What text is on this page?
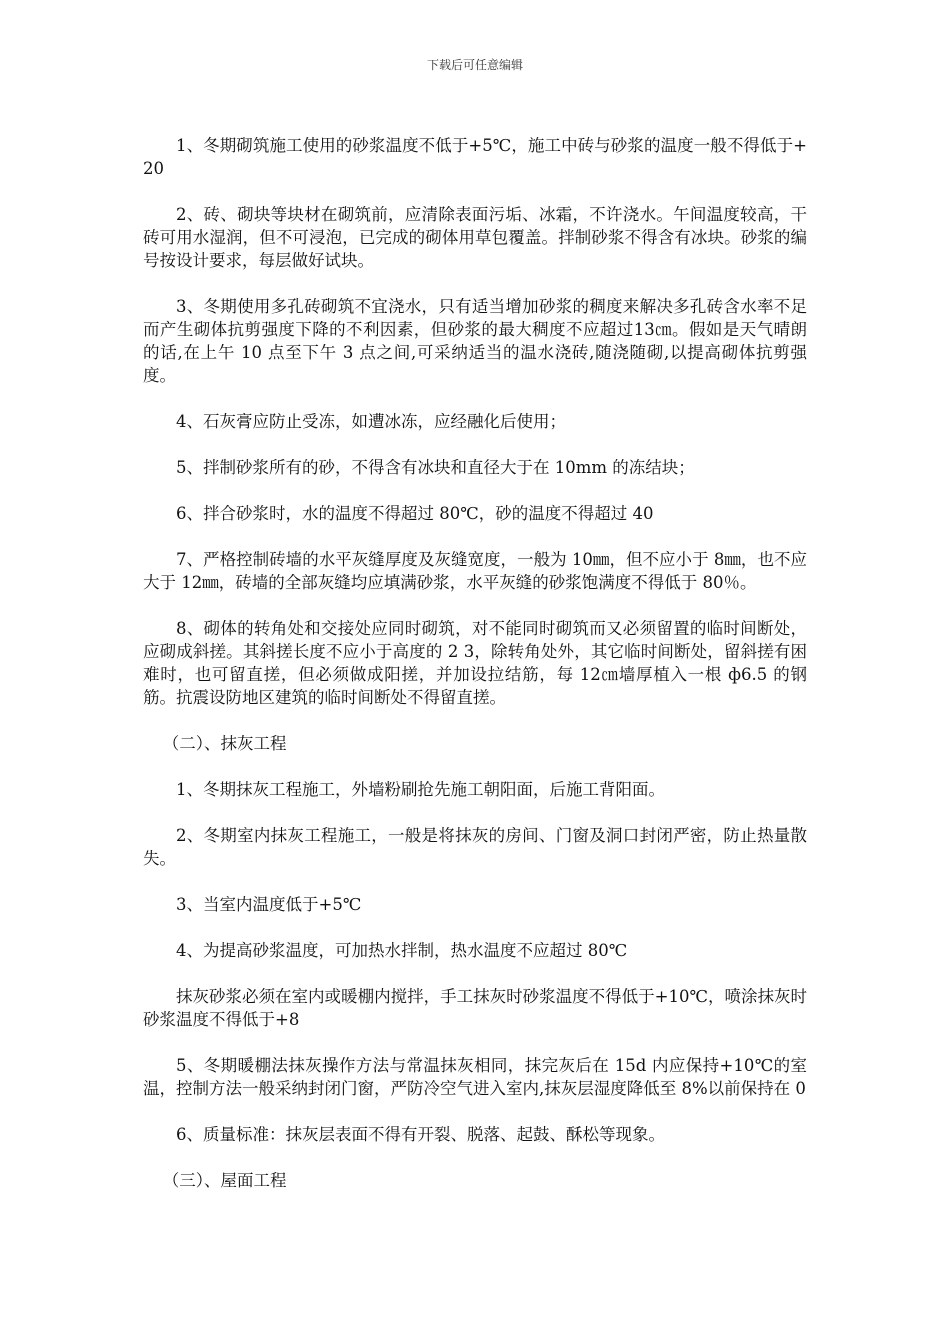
下载后可任意编辑

1、冬期砌筑施工使用的砂浆温度不低于+5℃，施工中砖与砂浆的温度一般不得低于+20

2、砖、砌块等块材在砌筑前，应清除表面污垢、冰霜，不许浇水。午间温度较高，干砖可用水湿润，但不可浸泡，已完成的砌体用草包覆盖。拌制砂浆不得含有冰块。砂浆的编号按设计要求，每层做好试块。

3、冬期使用多孔砖砌筑不宜浇水，只有适当增加砂浆的稠度来解决多孔砖含水率不足而产生砌体抗剪强度下降的不利因素，但砂浆的最大稠度不应超过13㎝。假如是天气晴朗的话,在上午 10 点至下午 3 点之间,可采纳适当的温水浇砖,随浇随砌,以提高砌体抗剪强度。

4、石灰膏应防止受冻，如遭冰冻，应经融化后使用；

5、拌制砂浆所有的砂，不得含有冰块和直径大于在 10mm 的冻结块；

6、拌合砂浆时，水的温度不得超过 80℃，砂的温度不得超过 40

7、严格控制砖墙的水平灰缝厚度及灰缝宽度，一般为 10㎜，但不应小于 8㎜，也不应大于 12㎜，砖墙的全部灰缝均应填满砂浆，水平灰缝的砂浆饱满度不得低于 80％。

8、砌体的转角处和交接处应同时砌筑，对不能同时砌筑而又必须留置的临时间断处，应砌成斜搓。其斜搓长度不应小于高度的 2 3，除转角处外，其它临时间断处，留斜搓有困难时，也可留直搓，但必须做成阳搓，并加设拉结筋，每 12㎝墙厚植入一根 ф6.5 的钢筋。抗震设防地区建筑的临时间断处不得留直搓。

（二）、抹灰工程

1、冬期抹灰工程施工，外墙粉刷抢先施工朝阳面，后施工背阳面。

2、冬期室内抹灰工程施工，一般是将抹灰的房间、门窗及洞口封闭严密，防止热量散失。

3、当室内温度低于+5℃

4、为提高砂浆温度，可加热水拌制，热水温度不应超过 80℃

抹灰砂浆必须在室内或暖棚内搅拌，手工抹灰时砂浆温度不得低于+10℃，喷涂抹灰时砂浆温度不得低于+8

5、冬期暖棚法抹灰操作方法与常温抹灰相同，抹完灰后在 15d 内应保持+10℃的室温，控制方法一般采纳封闭门窗，严防冷空气进入室内,抹灰层湿度降低至 8%以前保持在 0

6、质量标准：抹灰层表面不得有开裂、脱落、起鼓、酥松等现象。

（三）、屋面工程
